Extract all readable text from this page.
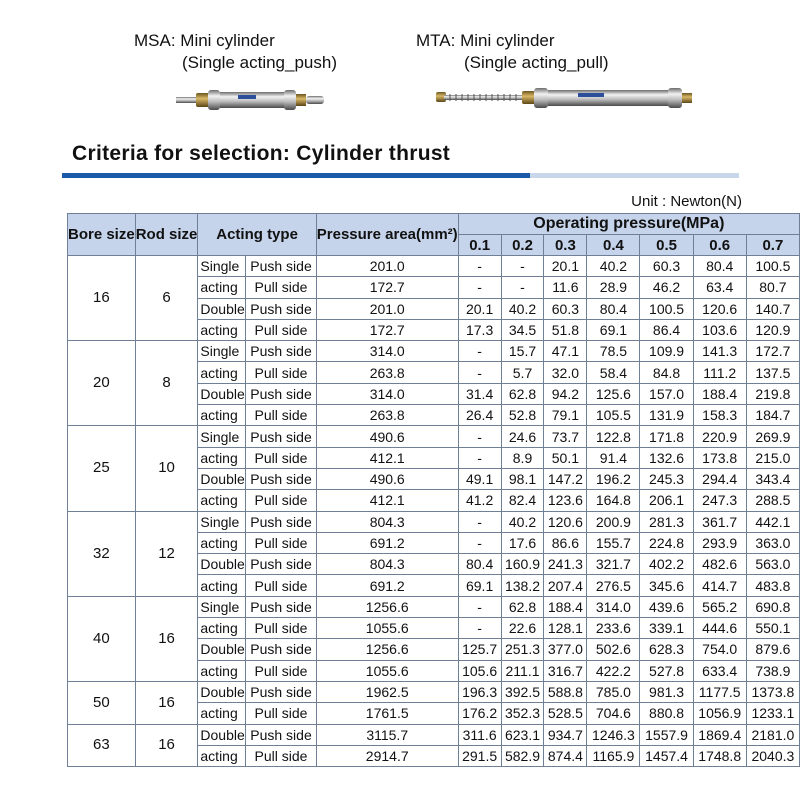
MSA: Mini cylinder
(Single acting_push)
MTA: Mini cylinder
(Single acting_pull)
Criteria for selection: Cylinder thrust
Unit : Newton(N)
Bore size	Rod size	Acting type		Pressure area(mm²)	Operating pressure(MPa)						
					0.1	0.2	0.3	0.4	0.5	0.6	0.7
16	6	Single	Push side	201.0	-	-	20.1	40.2	60.3	80.4	100.5
		acting	Pull side	172.7	-	-	11.6	28.9	46.2	63.4	80.7
		Double	Push side	201.0	20.1	40.2	60.3	80.4	100.5	120.6	140.7
		acting	Pull side	172.7	17.3	34.5	51.8	69.1	86.4	103.6	120.9
20	8	Single	Push side	314.0	-	15.7	47.1	78.5	109.9	141.3	172.7
		acting	Pull side	263.8	-	5.7	32.0	58.4	84.8	111.2	137.5
		Double	Push side	314.0	31.4	62.8	94.2	125.6	157.0	188.4	219.8
		acting	Pull side	263.8	26.4	52.8	79.1	105.5	131.9	158.3	184.7
25	10	Single	Push side	490.6	-	24.6	73.7	122.8	171.8	220.9	269.9
		acting	Pull side	412.1	-	8.9	50.1	91.4	132.6	173.8	215.0
		Double	Push side	490.6	49.1	98.1	147.2	196.2	245.3	294.4	343.4
		acting	Pull side	412.1	41.2	82.4	123.6	164.8	206.1	247.3	288.5
32	12	Single	Push side	804.3	-	40.2	120.6	200.9	281.3	361.7	442.1
		acting	Pull side	691.2	-	17.6	86.6	155.7	224.8	293.9	363.0
		Double	Push side	804.3	80.4	160.9	241.3	321.7	402.2	482.6	563.0
		acting	Pull side	691.2	69.1	138.2	207.4	276.5	345.6	414.7	483.8
40	16	Single	Push side	1256.6	-	62.8	188.4	314.0	439.6	565.2	690.8
		acting	Pull side	1055.6	-	22.6	128.1	233.6	339.1	444.6	550.1
		Double	Push side	1256.6	125.7	251.3	377.0	502.6	628.3	754.0	879.6
		acting	Pull side	1055.6	105.6	211.1	316.7	422.2	527.8	633.4	738.9
50	16	Double	Push side	1962.5	196.3	392.5	588.8	785.0	981.3	1177.5	1373.8
		acting	Pull side	1761.5	176.2	352.3	528.5	704.6	880.8	1056.9	1233.1
63	16	Double	Push side	3115.7	311.6	623.1	934.7	1246.3	1557.9	1869.4	2181.0
		acting	Pull side	2914.7	291.5	582.9	874.4	1165.9	1457.4	1748.8	2040.3
